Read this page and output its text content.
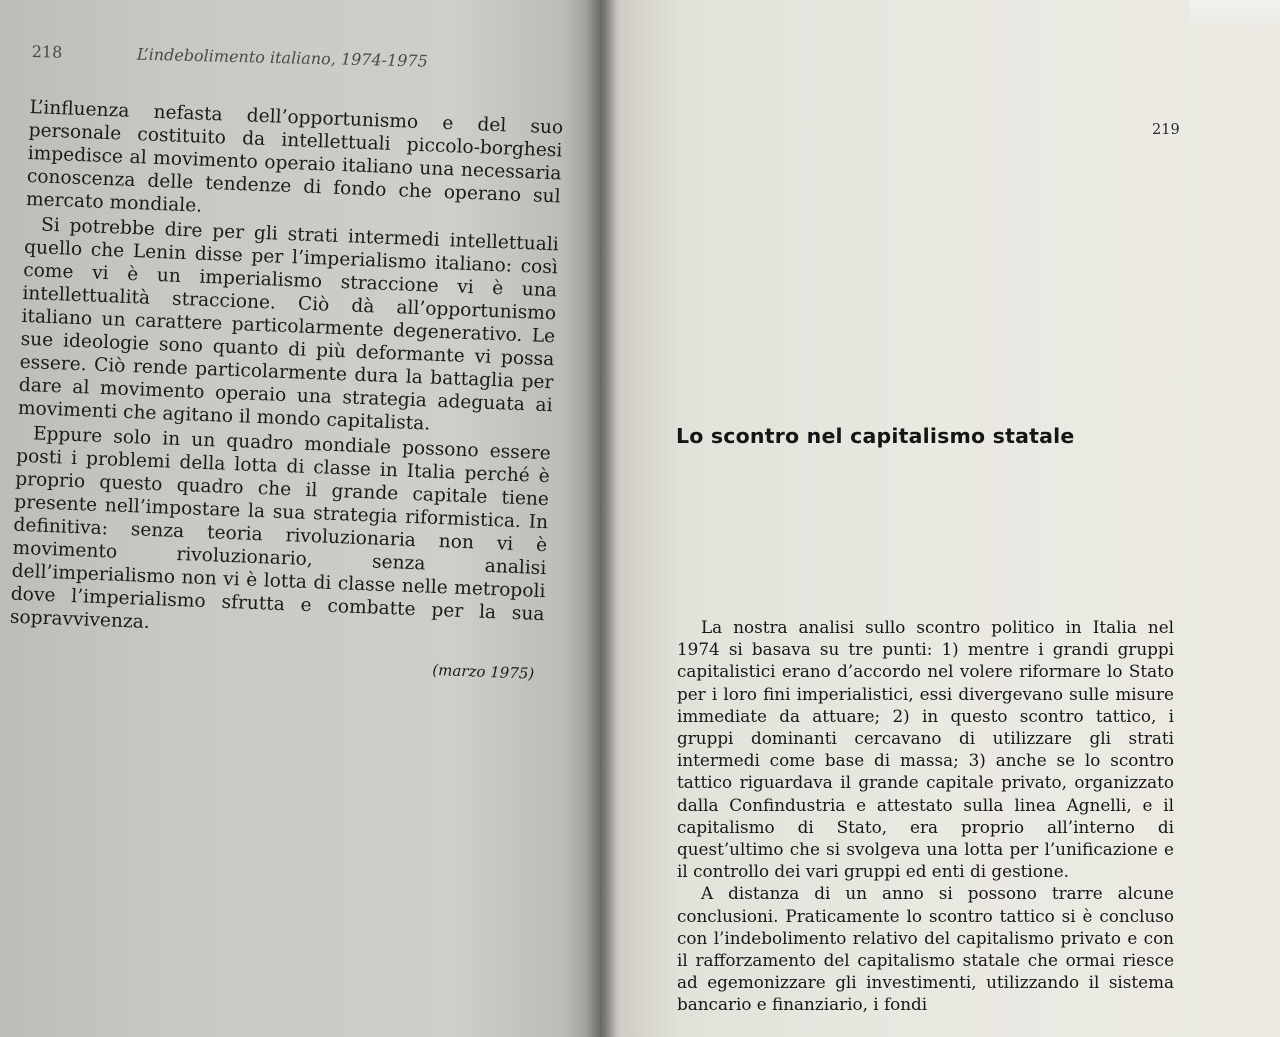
218	L’indebolimento italiano, 1974-1975

L’influenza nefasta dell’opportunismo e del suo personale costituito da intellettuali piccolo-borghesi impedisce al movimento operaio italiano una necessaria conoscenza delle tendenze di fondo che operano sul mercato mondiale.

Si potrebbe dire per gli strati intermedi intellettuali quello che Lenin disse per l’imperialismo italiano: così come vi è un imperialismo straccione vi è una intellettualità straccione. Ciò dà all’opportunismo italiano un carattere particolarmente degenerativo. Le sue ideologie sono quanto di più deformante vi possa essere. Ciò rende particolarmente dura la battaglia per dare al movimento operaio una strategia adeguata ai movimenti che agitano il mondo capitalista.

Eppure solo in un quadro mondiale possono essere posti i problemi della lotta di classe in Italia perché è proprio questo quadro che il grande capitale tiene presente nell’impostare la sua strategia riformistica. In definitiva: senza teoria rivoluzionaria non vi è movimento rivoluzionario, senza analisi dell’imperialismo non vi è lotta di classe nelle metropoli dove l’imperialismo sfrutta e combatte per la sua sopravvivenza.

(marzo 1975)
219
Lo scontro nel capitalismo statale

La nostra analisi sullo scontro politico in Italia nel 1974 si basava su tre punti: 1) mentre i grandi gruppi capitalistici erano d’accordo nel volere riformare lo Stato per i loro fini imperialistici, essi divergevano sulle misure immediate da attuare; 2) in questo scontro tattico, i gruppi dominanti cercavano di utilizzare gli strati intermedi come base di massa; 3) anche se lo scontro tattico riguardava il grande capitale privato, organizzato dalla Confindustria e attestato sulla linea Agnelli, e il capitalismo di Stato, era proprio all’interno di quest’ultimo che si svolgeva una lotta per l’unificazione e il controllo dei vari gruppi ed enti di gestione.

A distanza di un anno si possono trarre alcune conclusioni. Praticamente lo scontro tattico si è concluso con l’indebolimento relativo del capitalismo privato e con il rafforzamento del capitalismo statale che ormai riesce ad egemonizzare gli investimenti, utilizzando il sistema bancario e finanziario, i fondi
